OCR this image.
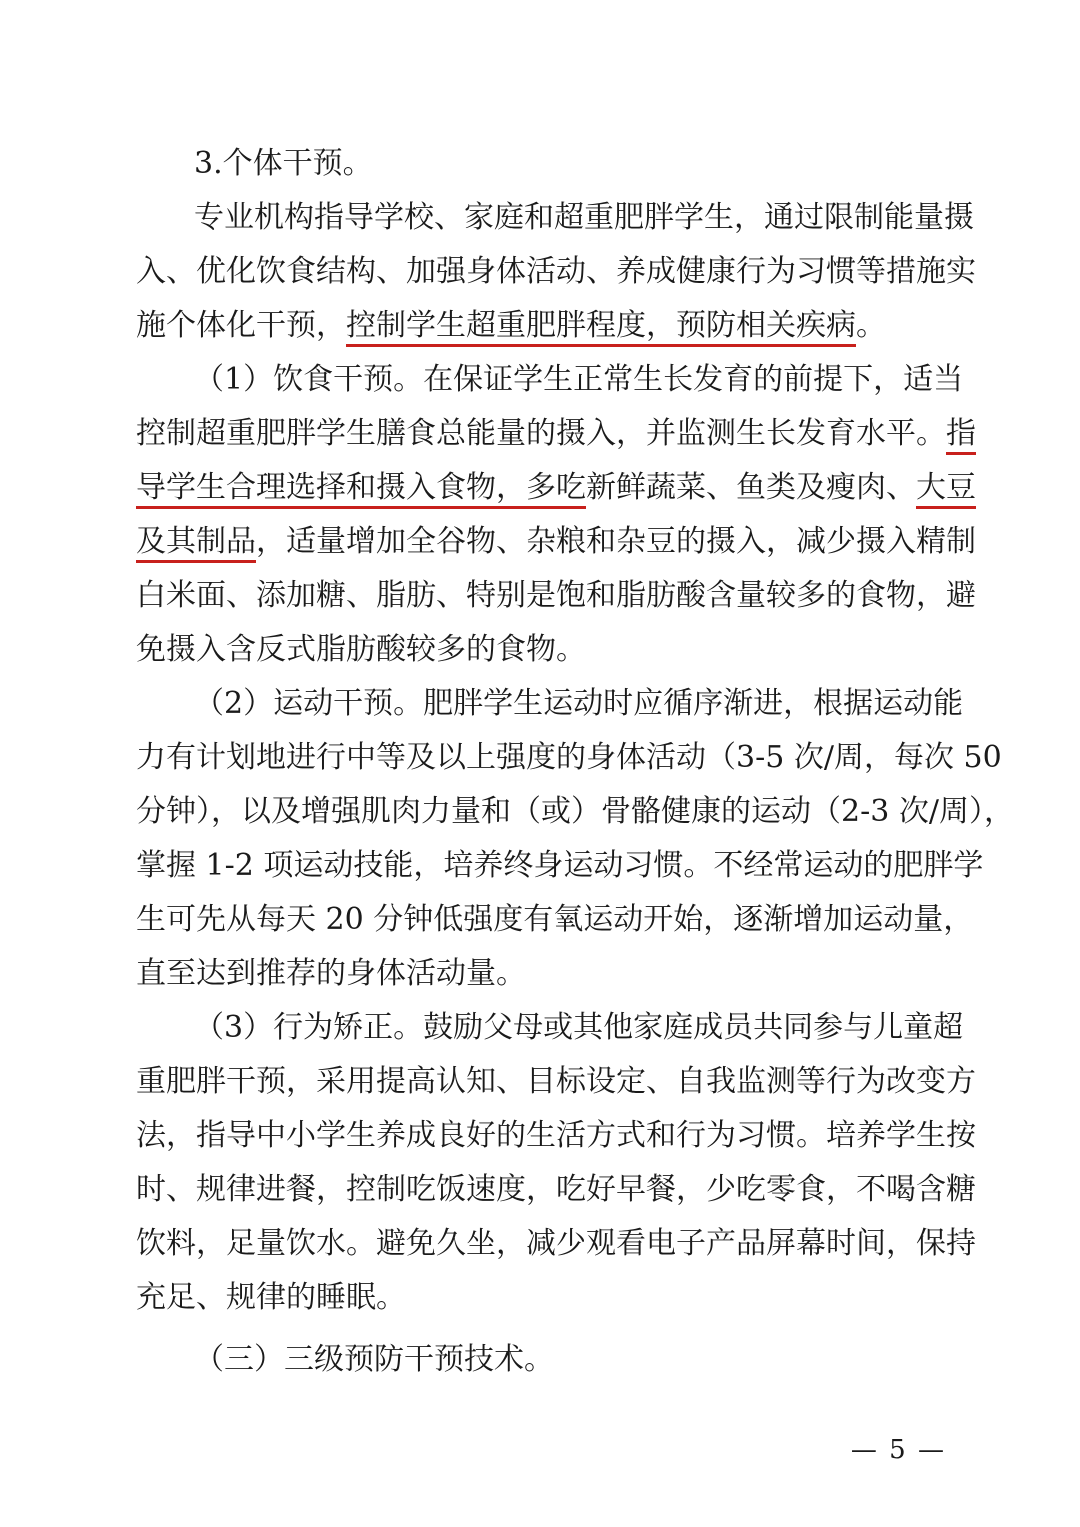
3.个体干预。
专业机构指导学校、家庭和超重肥胖学生，通过限制能量摄
入、优化饮食结构、加强身体活动、养成健康行为习惯等措施实
施个体化干预，控制学生超重肥胖程度，预防相关疾病。
（1）饮食干预。在保证学生正常生长发育的前提下，适当
控制超重肥胖学生膳食总能量的摄入，并监测生长发育水平。指
导学生合理选择和摄入食物，多吃新鲜蔬菜、鱼类及瘦肉、大豆
及其制品，适量增加全谷物、杂粮和杂豆的摄入，减少摄入精制
白米面、添加糖、脂肪、特别是饱和脂肪酸含量较多的食物，避
免摄入含反式脂肪酸较多的食物。
（2）运动干预。肥胖学生运动时应循序渐进，根据运动能
力有计划地进行中等及以上强度的身体活动（3-5 次/周，每次 50
分钟），以及增强肌肉力量和（或）骨骼健康的运动（2-3 次/周），
掌握 1-2 项运动技能，培养终身运动习惯。不经常运动的肥胖学
生可先从每天 20 分钟低强度有氧运动开始，逐渐增加运动量，
直至达到推荐的身体活动量。
（3）行为矫正。鼓励父母或其他家庭成员共同参与儿童超
重肥胖干预，采用提高认知、目标设定、自我监测等行为改变方
法，指导中小学生养成良好的生活方式和行为习惯。培养学生按
时、规律进餐，控制吃饭速度，吃好早餐，少吃零食，不喝含糖
饮料，足量饮水。避免久坐，减少观看电子产品屏幕时间，保持
充足、规律的睡眠。
（三）三级预防干预技术。
— 5 —
